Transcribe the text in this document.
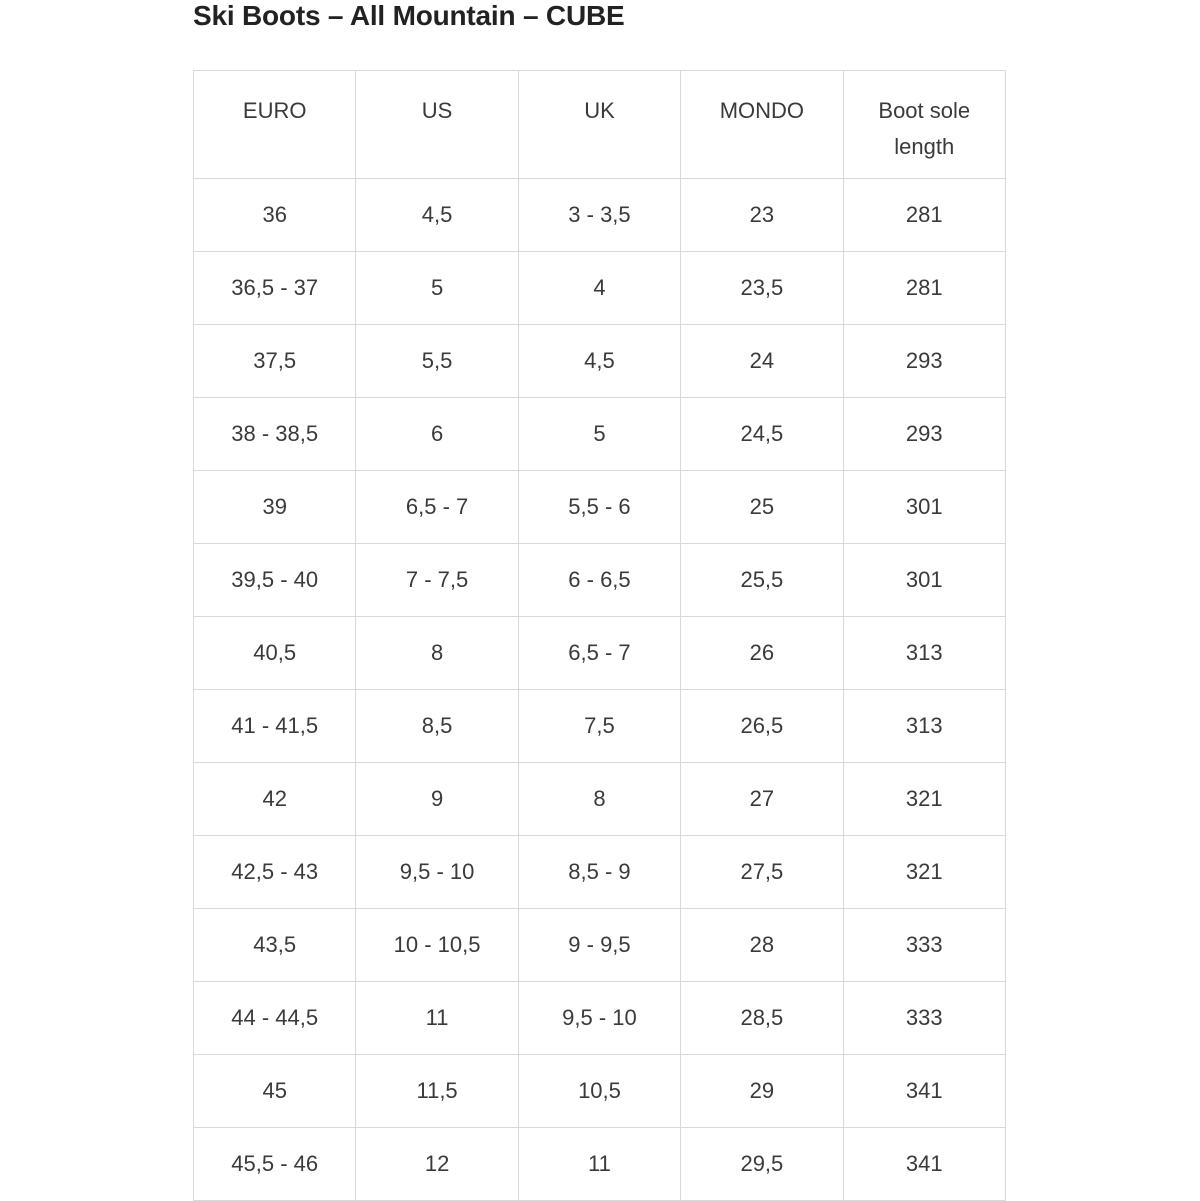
Ski Boots – All Mountain – CUBE
EURO	US	UK	MONDO	Boot sole length
36	4,5	3 - 3,5	23	281
36,5 - 37	5	4	23,5	281
37,5	5,5	4,5	24	293
38 - 38,5	6	5	24,5	293
39	6,5 - 7	5,5 - 6	25	301
39,5 - 40	7 - 7,5	6 - 6,5	25,5	301
40,5	8	6,5 - 7	26	313
41 - 41,5	8,5	7,5	26,5	313
42	9	8	27	321
42,5 - 43	9,5 - 10	8,5 - 9	27,5	321
43,5	10 - 10,5	9 - 9,5	28	333
44 - 44,5	11	9,5 - 10	28,5	333
45	11,5	10,5	29	341
45,5 - 46	12	11	29,5	341
